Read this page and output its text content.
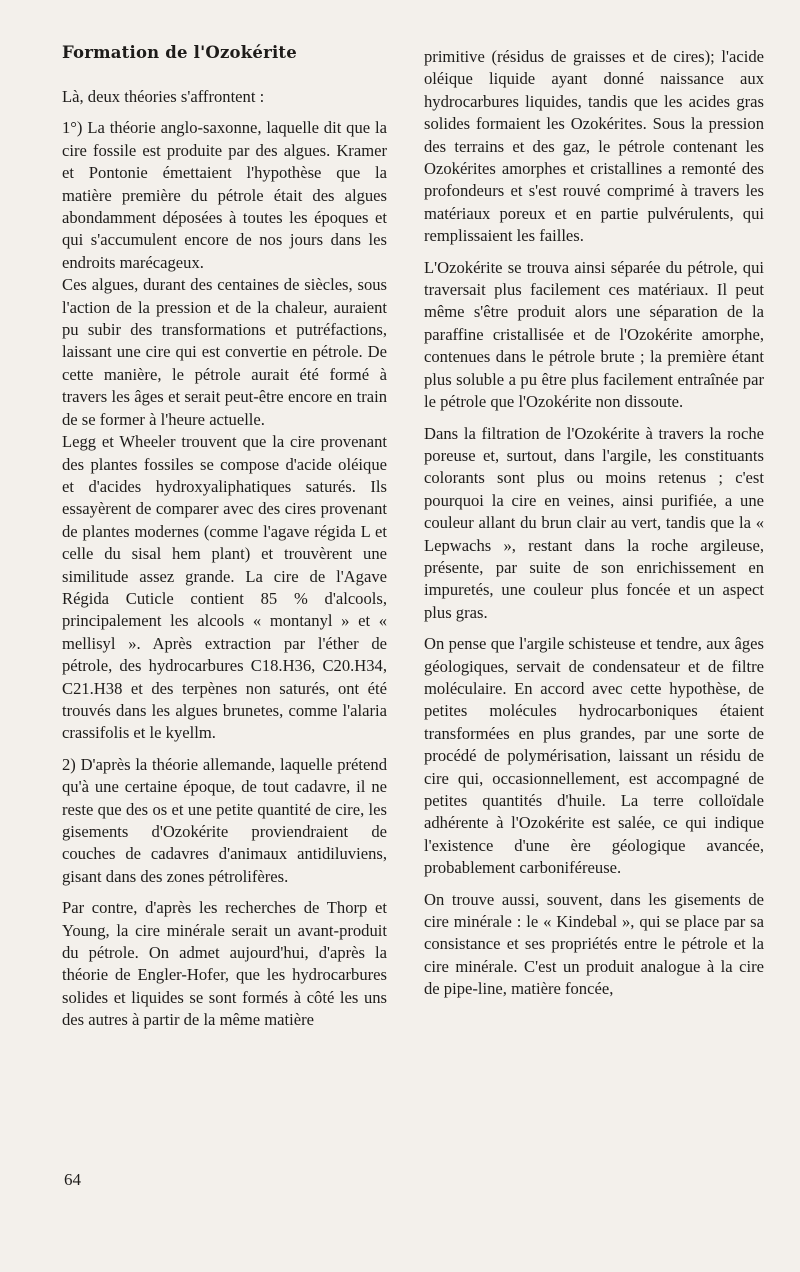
Formation de l'Ozokérite

Là, deux théories s'affrontent :

1°) La théorie anglo-saxonne, laquelle dit que la cire fossile est produite par des algues. Kramer et Pontonie émettaient l'hypothèse que la matière première du pétrole était des algues abondamment déposées à toutes les époques et qui s'accumulent encore de nos jours dans les endroits marécageux.

Ces algues, durant des centaines de siècles, sous l'action de la pression et de la chaleur, auraient pu subir des transformations et putréfactions, laissant une cire qui est convertie en pétrole. De cette manière, le pétrole aurait été formé à travers les âges et serait peut-être encore en train de se former à l'heure actuelle.

Legg et Wheeler trouvent que la cire provenant des plantes fossiles se compose d'acide oléique et d'acides hydroxyaliphatiques saturés. Ils essayèrent de comparer avec des cires provenant de plantes modernes (comme l'agave régida L et celle du sisal hem plant) et trouvèrent une similitude assez grande. La cire de l'Agave Régida Cuticle contient 85 % d'alcools, principalement les alcools « montanyl » et « mellisyl ». Après extraction par l'éther de pétrole, des hydrocarbures C18.H36, C20.H34, C21.H38 et des terpènes non saturés, ont été trouvés dans les algues brunetes, comme l'alaria crassifolis et le kyellm.

2) D'après la théorie allemande, laquelle prétend qu'à une certaine époque, de tout cadavre, il ne reste que des os et une petite quantité de cire, les gisements d'Ozokérite proviendraient de couches de cadavres d'animaux antidiluviens, gisant dans des zones pétrolifères.

Par contre, d'après les recherches de Thorp et Young, la cire minérale serait un avant-produit du pétrole. On admet aujourd'hui, d'après la théorie de Engler-Hofer, que les hydrocarbures solides et liquides se sont formés à côté les uns des autres à partir de la même matière

primitive (résidus de graisses et de cires); l'acide oléique liquide ayant donné naissance aux hydrocarbures liquides, tandis que les acides gras solides formaient les Ozokérites. Sous la pression des terrains et des gaz, le pétrole contenant les Ozokérites amorphes et cristallines a remonté des profondeurs et s'est rouvé comprimé à travers les matériaux poreux et en partie pulvérulents, qui remplissaient les failles.

L'Ozokérite se trouva ainsi séparée du pétrole, qui traversait plus facilement ces matériaux. Il peut même s'être produit alors une séparation de la paraffine cristallisée et de l'Ozokérite amorphe, contenues dans le pétrole brute ; la première étant plus soluble a pu être plus facilement entraînée par le pétrole que l'Ozokérite non dissoute.

Dans la filtration de l'Ozokérite à travers la roche poreuse et, surtout, dans l'argile, les constituants colorants sont plus ou moins retenus ; c'est pourquoi la cire en veines, ainsi purifiée, a une couleur allant du brun clair au vert, tandis que la « Lepwachs », restant dans la roche argileuse, présente, par suite de son enrichissement en impuretés, une couleur plus foncée et un aspect plus gras.

On pense que l'argile schisteuse et tendre, aux âges géologiques, servait de condensateur et de filtre moléculaire. En accord avec cette hypothèse, de petites molécules hydrocarboniques étaient transformées en plus grandes, par une sorte de procédé de polymérisation, laissant un résidu de cire qui, occasionnellement, est accompagné de petites quantités d'huile. La terre colloïdale adhérente à l'Ozokérite est salée, ce qui indique l'existence d'une ère géologique avancée, probablement carboniféreuse.

On trouve aussi, souvent, dans les gisements de cire minérale : le « Kindebal », qui se place par sa consistance et ses propriétés entre le pétrole et la cire minérale. C'est un produit analogue à la cire de pipe-line, matière foncée,

64
